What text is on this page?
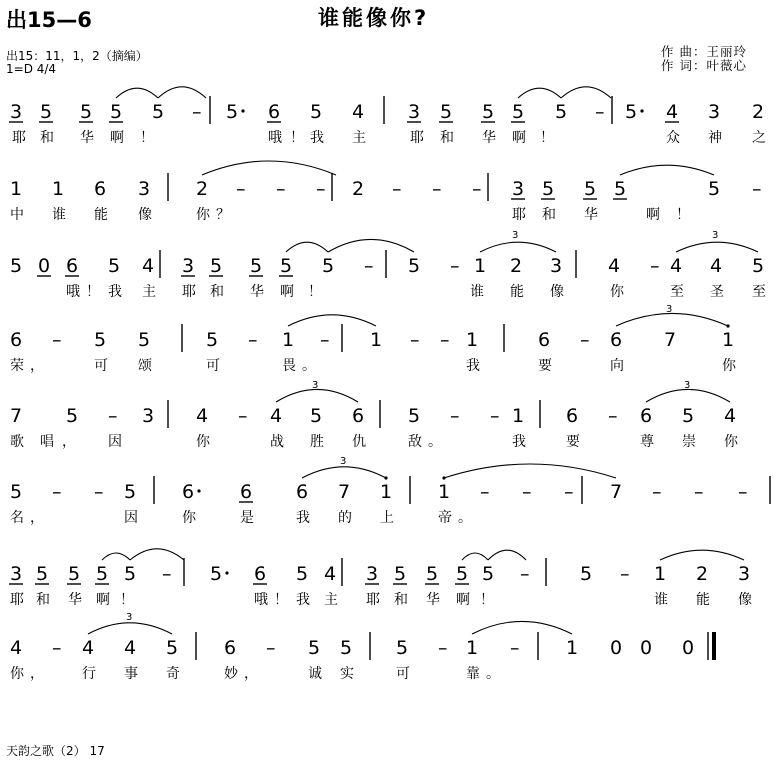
出15—6	谁能像你?
出15：11，1，2（摘编）
1=D 4/4
作 曲：王丽玲
作 词：叶薇心
3 5 5 5 5 – 5 6 5 4 3 5 5 5 5 – 5 4 3 2
耶 和 华 啊 ！	哦 ！ 我 主	耶 和 华 啊 ！	众 神 之
1 1 6 3 2 – – – 2 – – – 3 5 5 5	5 –
中 谁 能 像	你 ？	耶 和 华	啊 ！
5 0 6 5 4 3 5 5 5 5 – 5 – 1 2 3 4 – 4 4 5
哦 ！ 我 主 耶 和 华 啊 ！	谁 能 像	你	至 圣 至
3	3
6 – 5 5	5 – 1 – 1 – – 1	6 – 6 7 1
荣 ，	可 颂	可	畏 。	我	要	向	你
3
7 5 – 3 4 – 4 5 6 5 – – 1 6 – 6 5 4
歌 唱 ， 因	你	战 胜 仇	敌 。	我	要	尊 崇 你
3	3
5 – – 5 6 6 6 7 1 1 – – – 7 – – –
名 ，	因	你	是	我 的 上	帝 。
3
3 5 5 5 5 – 5 6 5 4 3 5 5 5 5 –	5 – 1 2 3
耶 和 华 啊 ！	哦 ！ 我 主 耶 和 华 啊 ！	谁 能 像
4 – 4 4 5 6 – 5 5 5 – 1 – 1 0 0 0
你 ，	行 事 奇	妙 ，	诚 实	可	靠 。
3
天韵之歌（2） 17
